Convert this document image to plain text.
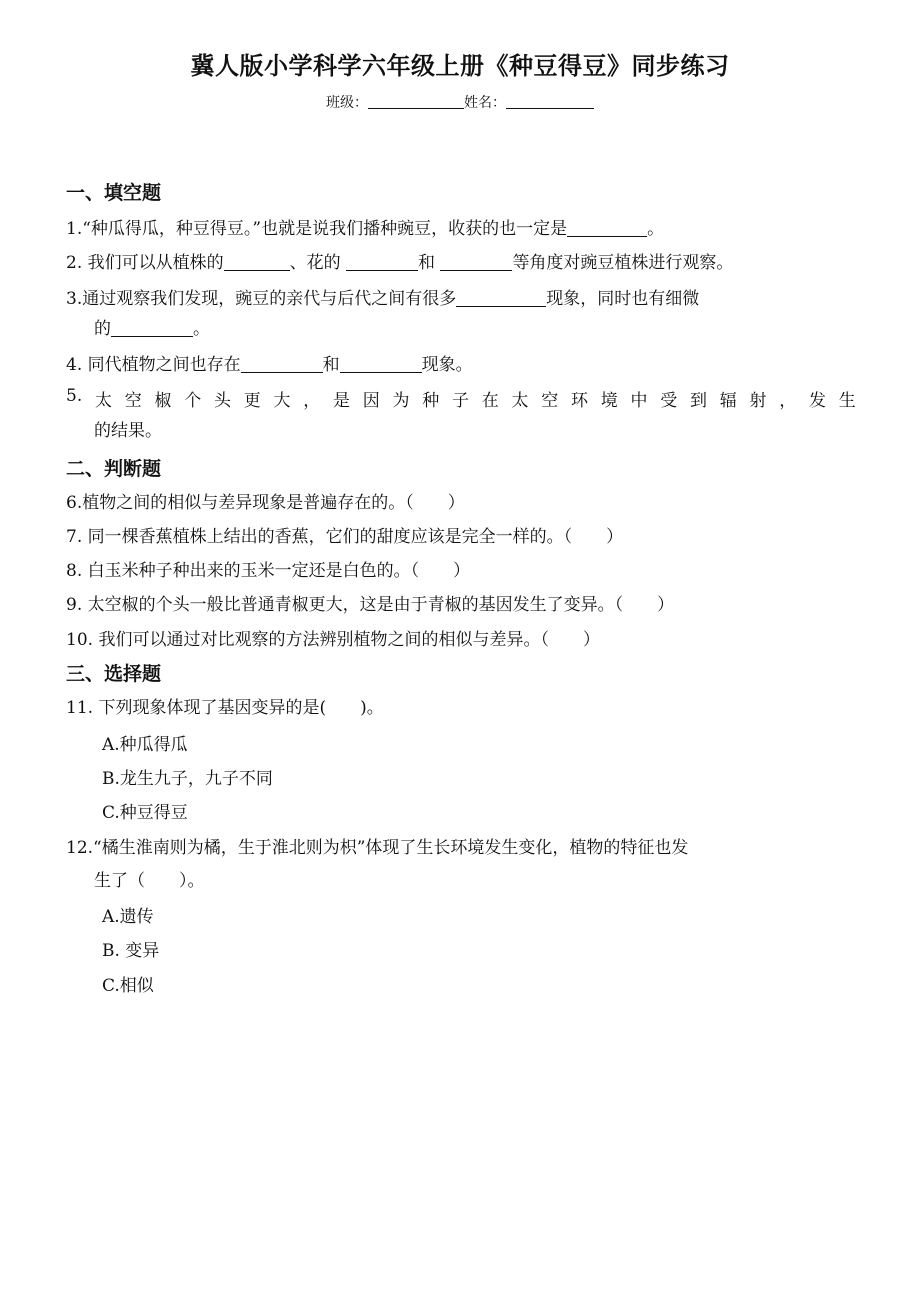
冀人版小学科学六年级上册《种豆得豆》同步练习
班级：	姓名：
一、填空题
1.“种瓜得瓜，种豆得豆。”也就是说我们播种豌豆，收获的也一定是	。
2. 我们可以从植株的	、花的	和	等角度对豌豆植株进行观察。
3.通过观察我们发现，豌豆的亲代与后代之间有很多	现象，同时也有细微
的	。
4. 同代植物之间也存在	和	现象。
5. 太 空 椒 个 头 更 大 ， 是 因 为 种 子 在 太 空 环 境 中 受 到 辐 射 ， 发 生
的结果。
二、判断题
6.植物之间的相似与差异现象是普遍存在的。（　　）
7. 同一棵香蕉植株上结出的香蕉，它们的甜度应该是完全一样的。（　　）
8. 白玉米种子种出来的玉米一定还是白色的。（　　）
9. 太空椒的个头一般比普通青椒更大，这是由于青椒的基因发生了变异。（　　）
10. 我们可以通过对比观察的方法辨别植物之间的相似与差异。（　　）
三、选择题
11. 下列现象体现了基因变异的是(　　)。
A.种瓜得瓜
B.龙生九子，九子不同
C.种豆得豆
12.“橘生淮南则为橘，生于淮北则为枳”体现了生长环境发生变化，植物的特征也发
生了（　　）。
A.遗传
B. 变异
C.相似
